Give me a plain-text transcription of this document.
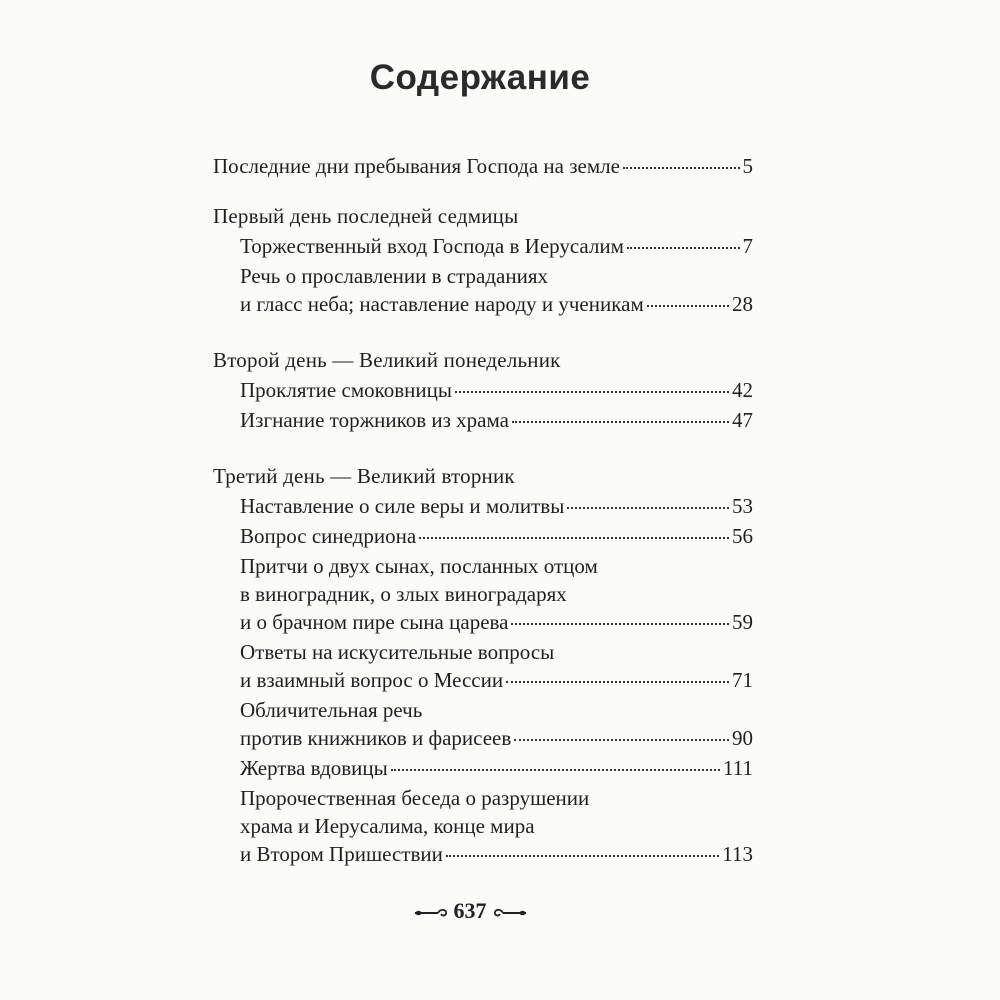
Содержание
Последние дни пребывания Господа на земле	5
Первый день последней седмицы
Торжественный вход Господа в Иерусалим	7
Речь о прославлении в страданиях
и гласс неба; наставление народу и ученикам	28
Второй день — Великий понедельник
Проклятие смоковницы	42
Изгнание торжников из храма	47
Третий день — Великий вторник
Наставление о силе веры и молитвы	53
Вопрос синедриона	56
Притчи о двух сынах, посланных отцом
в виноградник, о злых виноградарях
и о брачном пире сына царева	59
Ответы на искусительные вопросы
и взаимный вопрос о Мессии	71
Обличительная речь
против книжников и фарисеев	90
Жертва вдовицы	111
Пророчественная беседа о разрушении
храма и Иерусалима, конце мира
и Втором Пришествии	113
637
